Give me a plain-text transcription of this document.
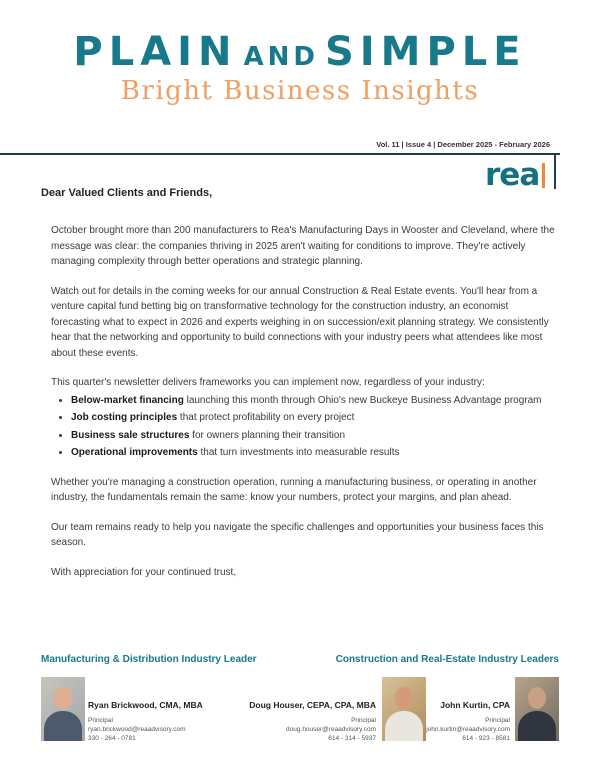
PLAIN AND SIMPLE
Bright Business Insights
Vol. 11 | Issue 4 | December 2025 - February 2026
rea
Dear Valued Clients and Friends,

October brought more than 200 manufacturers to Rea's Manufacturing Days in Wooster and Cleveland, where the message was clear: the companies thriving in 2025 aren't waiting for conditions to improve. They're actively managing complexity through better operations and strategic planning.

Watch out for details in the coming weeks for our annual Construction & Real Estate events. You'll hear from a venture capital fund betting big on transformative technology for the construction industry, an economist forecasting what to expect in 2026 and experts weighing in on succession/exit planning strategy. We consistently hear that the networking and opportunity to build connections with your industry peers what attendees like most about these events.

This quarter's newsletter delivers frameworks you can implement now, regardless of your industry:

• Below-market financing launching this month through Ohio's new Buckeye Business Advantage program
• Job costing principles that protect profitability on every project
• Business sale structures for owners planning their transition
• Operational improvements that turn investments into measurable results

Whether you're managing a construction operation, running a manufacturing business, or operating in another industry, the fundamentals remain the same: know your numbers, protect your margins, and plan ahead.

Our team remains ready to help you navigate the specific challenges and opportunities your business faces this season.

With appreciation for your continued trust,

Manufacturing & Distribution Industry Leader	Construction and Real-Estate Industry Leaders
Ryan Brickwood, CMA, MBA
Principal
ryan.brickwood@reaadvisory.com
330 - 264 - 0781
Doug Houser, CEPA, CPA, MBA
Principal
doug.houser@reaadvisory.com
614 - 314 - 5937
John Kurtin, CPA
Principal
john.kurtin@reaadvisory.com
614 - 923 - 8581
